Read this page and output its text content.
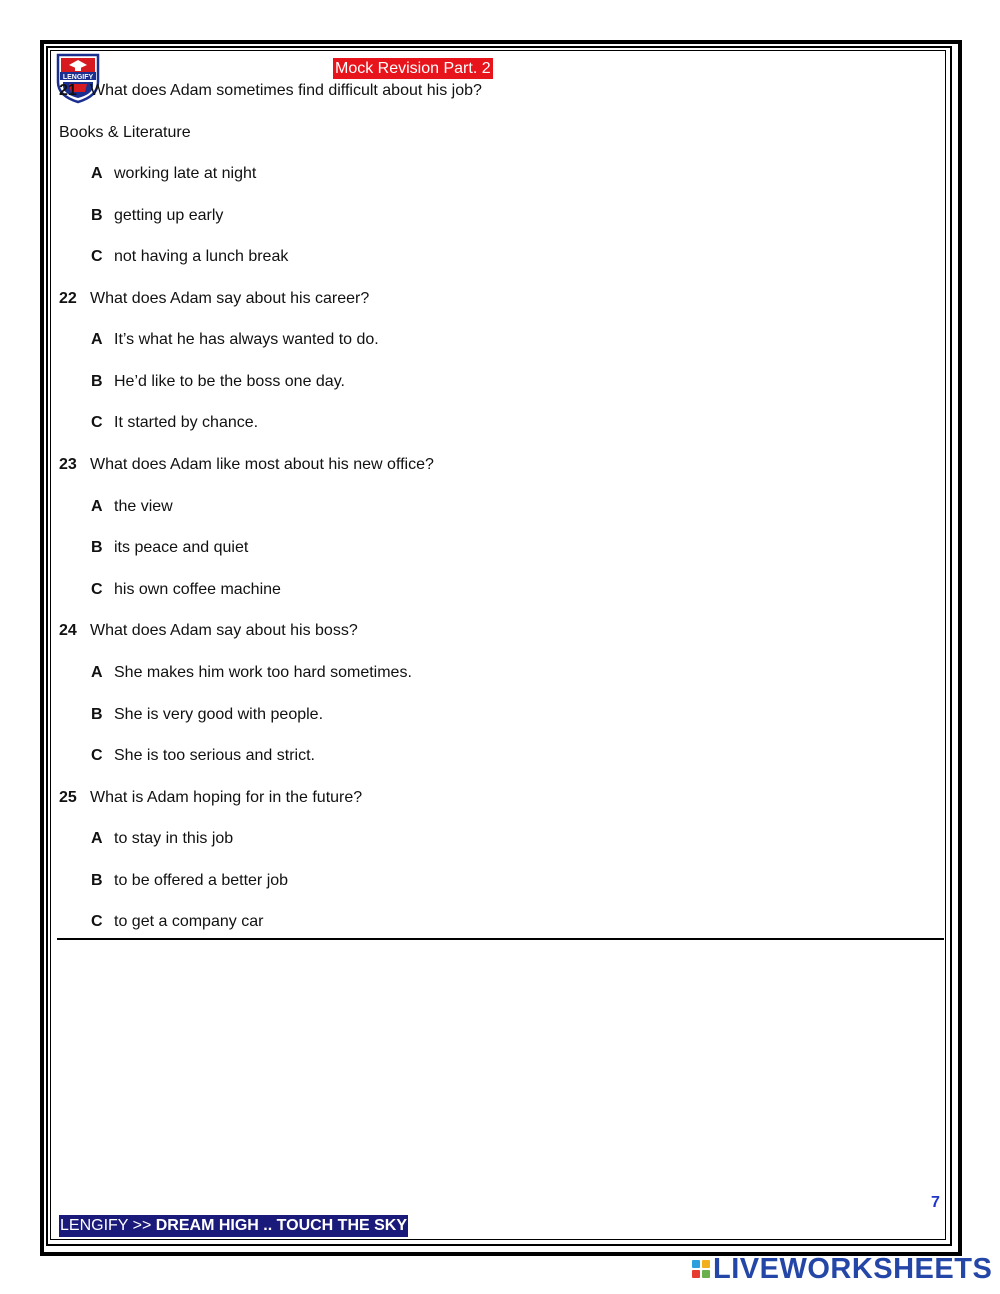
LENGIFY
Mock Revision Part. 2
21 What does Adam sometimes find difficult about his job?
Books & Literature
A working late at night
B getting up early
C not having a lunch break
22 What does Adam say about his career?
A It’s what he has always wanted to do.
B He’d like to be the boss one day.
C It started by chance.
23 What does Adam like most about his new office?
A the view
B its peace and quiet
C his own coffee machine
24 What does Adam say about his boss?
A She makes him work too hard sometimes.
B She is very good with people.
C She is too serious and strict.
25 What is Adam hoping for in the future?
A to stay in this job
B to be offered a better job
C to get a company car
7
LENGIFY >> DREAM HIGH .. TOUCH THE SKY
LIVEWORKSHEETS
